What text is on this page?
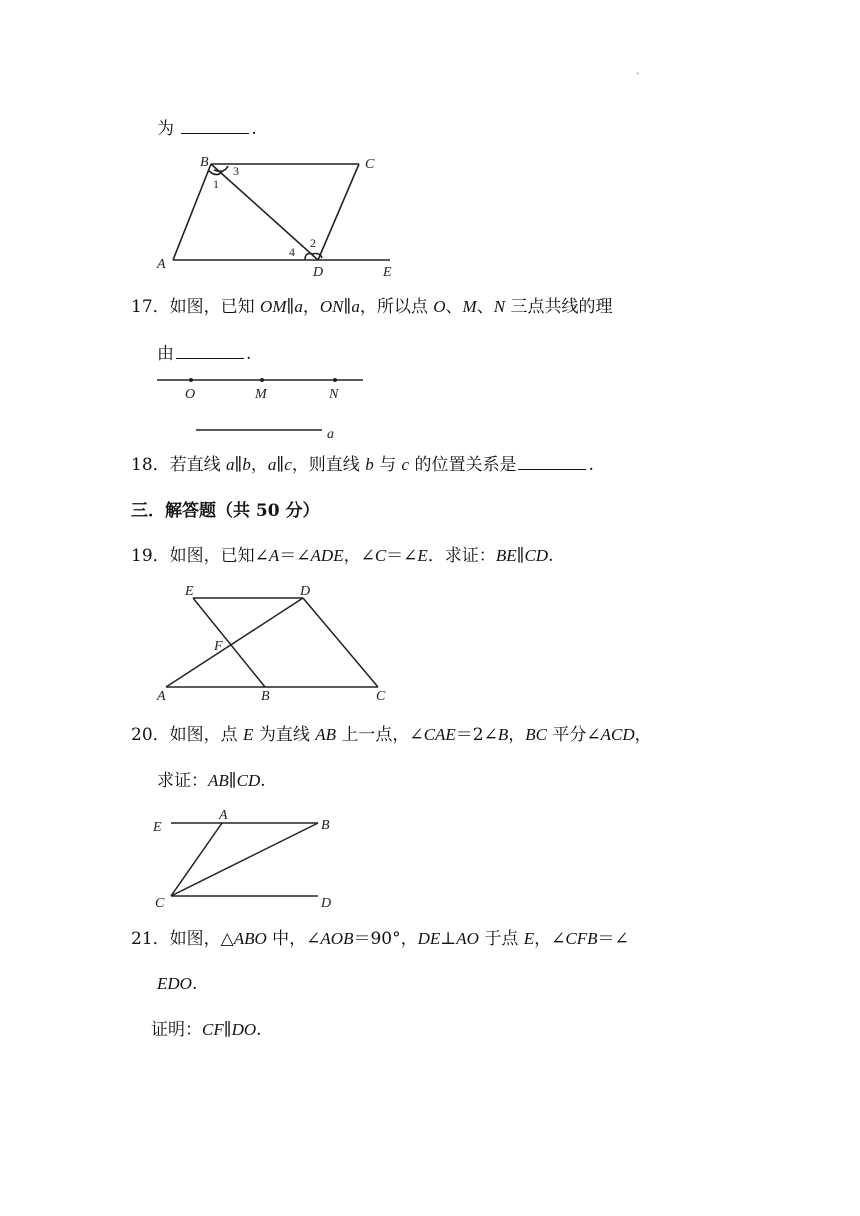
.
为	.
B	C
A
D	E
1
3
2
4
17．如图，已知 OM∥a，ON∥a，所以点 O、M、N 三点共线的理
由	.
O	M	N
a
18．若直线 a∥b，a∥c，则直线 b 与 c 的位置关系是	.
三．解答题（共 50 分）
19．如图，已知∠A＝∠ADE，∠C＝∠E．求证：BE∥CD.
E	D
F
A	B	C
20．如图，点 E 为直线 AB 上一点，∠CAE＝2∠B，BC 平分∠ACD，
求证：AB∥CD.
E
A
B
C	D
21．如图，△ABO 中，∠AOB＝90°，DE⊥AO 于点 E，∠CFB＝∠
EDO.
证明：CF∥DO.
